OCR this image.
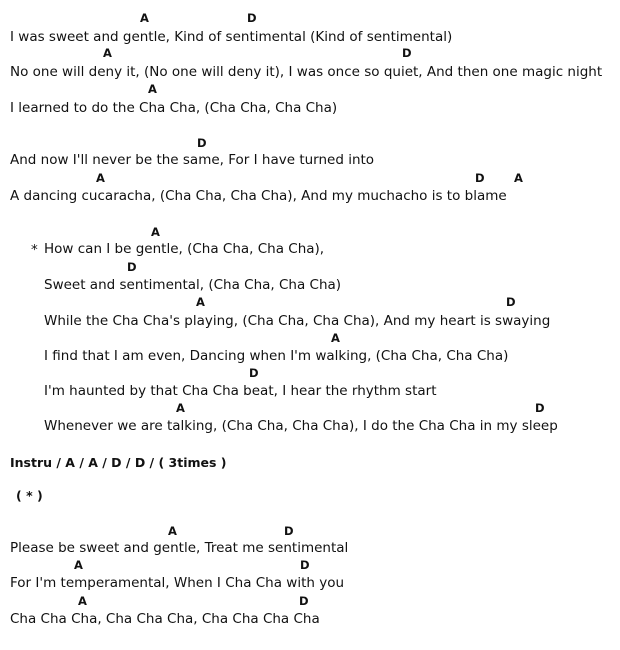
A	D

I was sweet and gentle, Kind of sentimental (Kind of sentimental)

A	D

No one will deny it, (No one will deny it), I was once so quiet, And then one magic night

A

I learned to do the Cha Cha, (Cha Cha, Cha Cha)

D

And now I'll never be the same, For I have turned into

A	D	A

A dancing cucaracha, (Cha Cha, Cha Cha), And my muchacho is to blame

A
* How can I be gentle, (Cha Cha, Cha Cha),

D

Sweet and sentimental, (Cha Cha, Cha Cha)

A	D

While the Cha Cha's playing, (Cha Cha, Cha Cha), And my heart is swaying

A

I find that I am even, Dancing when I'm walking, (Cha Cha, Cha Cha)

D

I'm haunted by that Cha Cha beat, I hear the rhythm start

A	D

Whenever we are talking, (Cha Cha, Cha Cha), I do the Cha Cha in my sleep

Instru / A / A / D / D / ( 3times )
( * )
A	D

Please be sweet and gentle, Treat me sentimental

A	D

For I'm temperamental, When I Cha Cha with you

A	D

Cha Cha Cha, Cha Cha Cha, Cha Cha Cha Cha
